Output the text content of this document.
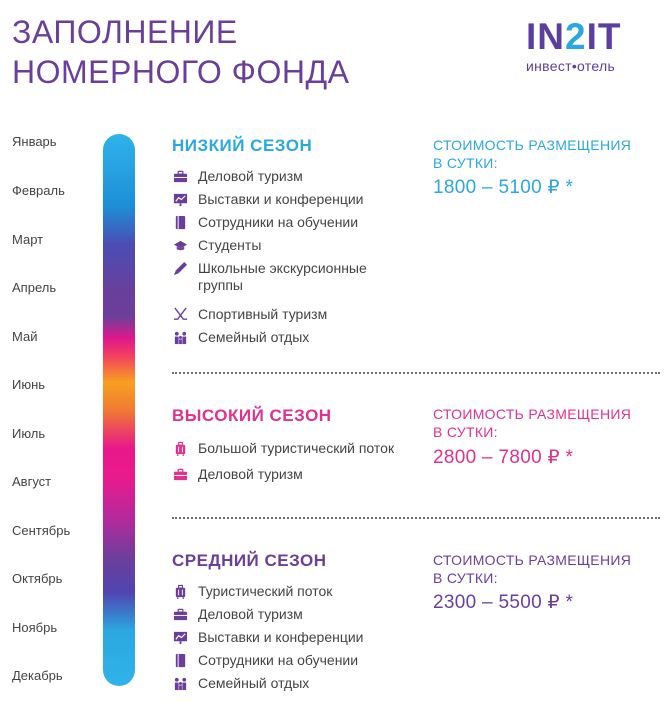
ЗАПОЛНЕНИЕ
НОМЕРНОГО ФОНДА
IN2IT
инвест•отель
Январь
Февраль
Март
Апрель
Май
Июнь
Июль
Август
Сентябрь
Октябрь
Ноябрь
Декабрь
НИЗКИЙ СЕЗОН
Деловой туризм
Выставки и конференции
Сотрудники на обучении
Студенты
Школьные экскурсионные группы
Спортивный туризм
Семейный отдых
СТОИМОСТЬ РАЗМЕЩЕНИЯ
В СУТКИ:
1800 – 5100 ₽ *
ВЫСОКИЙ СЕЗОН
Большой туристический поток
Деловой туризм
СТОИМОСТЬ РАЗМЕЩЕНИЯ
В СУТКИ:
2800 – 7800 ₽ *
СРЕДНИЙ СЕЗОН
Туристический поток
Деловой туризм
Выставки и конференции
Сотрудники на обучении
Семейный отдых
СТОИМОСТЬ РАЗМЕЩЕНИЯ
В СУТКИ:
2300 – 5500 ₽ *
